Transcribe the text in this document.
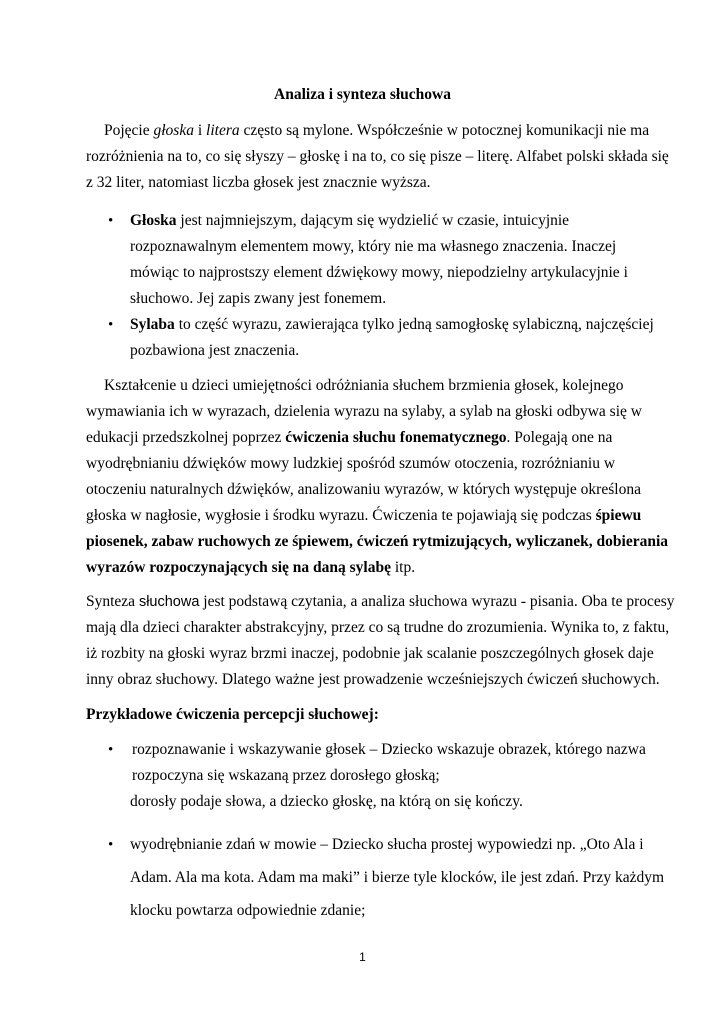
Analiza i synteza słuchowa
Pojęcie głoska i litera często są mylone. Współcześnie w potocznej komunikacji nie ma
rozróżnienia na to, co się słyszy – głoskę i na to, co się pisze – literę. Alfabet polski składa się
z 32 liter, natomiast liczba głosek jest znacznie wyższa.
• Głoska jest najmniejszym, dającym się wydzielić w czasie, intuicyjnie
rozpoznawalnym elementem mowy, który nie ma własnego znaczenia. Inaczej
mówiąc to najprostszy element dźwiękowy mowy, niepodzielny artykulacyjnie i
słuchowo. Jej zapis zwany jest fonemem.
• Sylaba to część wyrazu, zawierająca tylko jedną samogłoskę sylabiczną, najczęściej
pozbawiona jest znaczenia.
Kształcenie u dzieci umiejętności odróżniania słuchem brzmienia głosek, kolejnego
wymawiania ich w wyrazach, dzielenia wyrazu na sylaby, a sylab na głoski odbywa się w
edukacji przedszkolnej poprzez ćwiczenia słuchu fonematycznego. Polegają one na
wyodrębnianiu dźwięków mowy ludzkiej spośród szumów otoczenia, rozróżnianiu w
otoczeniu naturalnych dźwięków, analizowaniu wyrazów, w których występuje określona
głoska w nagłosie, wygłosie i środku wyrazu. Ćwiczenia te pojawiają się podczas śpiewu
piosenek, zabaw ruchowych ze śpiewem, ćwiczeń rytmizujących, wyliczanek, dobierania
wyrazów rozpoczynających się na daną sylabę itp.
Synteza słuchowa jest podstawą czytania, a analiza słuchowa wyrazu - pisania. Oba te procesy
mają dla dzieci charakter abstrakcyjny, przez co są trudne do zrozumienia. Wynika to, z faktu,
iż rozbity na głoski wyraz brzmi inaczej, podobnie jak scalanie poszczególnych głosek daje
inny obraz słuchowy. Dlatego ważne jest prowadzenie wcześniejszych ćwiczeń słuchowych.
Przykładowe ćwiczenia percepcji słuchowej:
• rozpoznawanie i wskazywanie głosek – Dziecko wskazuje obrazek, którego nazwa
rozpoczyna się wskazaną przez dorosłego głoską;
dorosły podaje słowa, a dziecko głoskę, na którą on się kończy.
• wyodrębnianie zdań w mowie – Dziecko słucha prostej wypowiedzi np. „Oto Ala i
Adam. Ala ma kota. Adam ma maki” i bierze tyle klocków, ile jest zdań. Przy każdym
klocku powtarza odpowiednie zdanie;
1
